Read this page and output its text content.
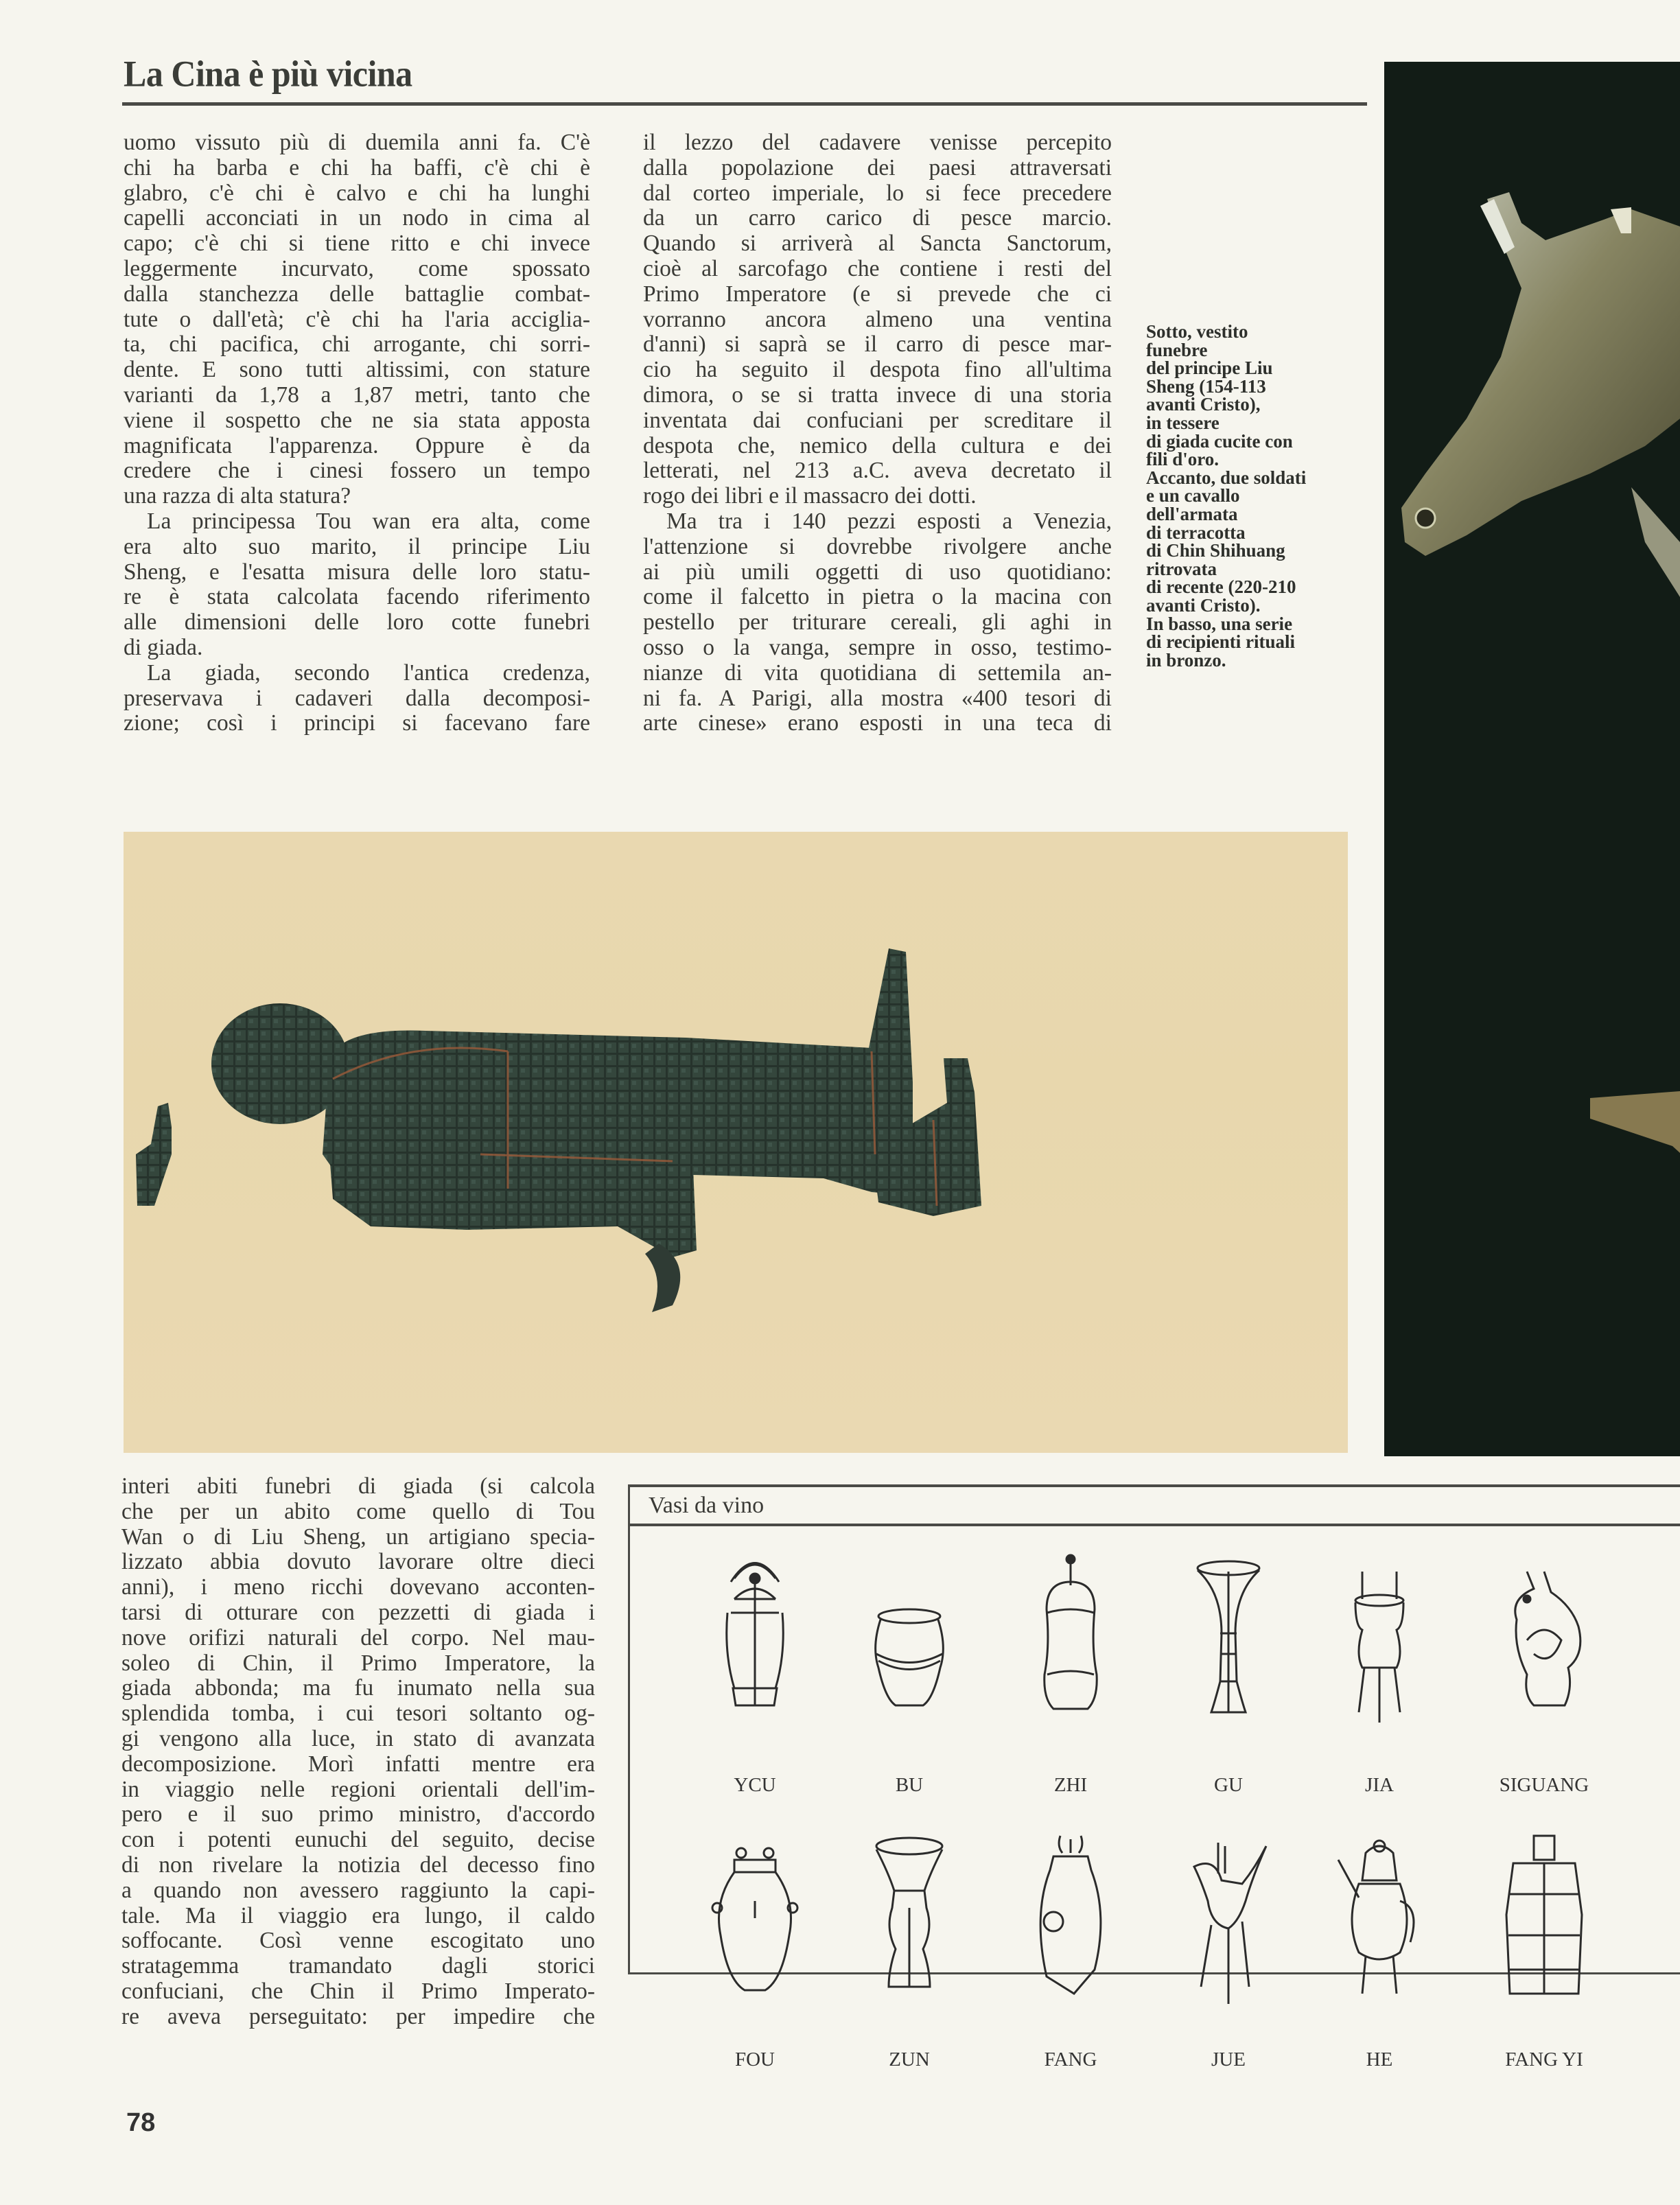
La Cina è più vicina
uomo vissuto più di duemila anni fa. C'è
chi ha barba e chi ha baffi, c'è chi è
glabro, c'è chi è calvo e chi ha lunghi
capelli acconciati in un nodo in cima al
capo; c'è chi si tiene ritto e chi invece
leggermente incurvato, come spossato
dalla stanchezza delle battaglie combat-
tute o dall'età; c'è chi ha l'aria acciglia-
ta, chi pacifica, chi arrogante, chi sorri-
dente. E sono tutti altissimi, con stature
varianti da 1,78 a 1,87 metri, tanto che
viene il sospetto che ne sia stata apposta
magnificata l'apparenza. Oppure è da
credere che i cinesi fossero un tempo
una razza di alta statura?
La principessa Tou wan era alta, come
era alto suo marito, il principe Liu
Sheng, e l'esatta misura delle loro statu-
re è stata calcolata facendo riferimento
alle dimensioni delle loro cotte funebri
di giada.
La giada, secondo l'antica credenza,
preservava i cadaveri dalla decomposi-
zione; così i principi si facevano fare
il lezzo del cadavere venisse percepito
dalla popolazione dei paesi attraversati
dal corteo imperiale, lo si fece precedere
da un carro carico di pesce marcio.
Quando si arriverà al Sancta Sanctorum,
cioè al sarcofago che contiene i resti del
Primo Imperatore (e si prevede che ci
vorranno ancora almeno una ventina
d'anni) si saprà se il carro di pesce mar-
cio ha seguito il despota fino all'ultima
dimora, o se si tratta invece di una storia
inventata dai confuciani per screditare il
despota che, nemico della cultura e dei
letterati, nel 213 a.C. aveva decretato il
rogo dei libri e il massacro dei dotti.
Ma tra i 140 pezzi esposti a Venezia,
l'attenzione si dovrebbe rivolgere anche
ai più umili oggetti di uso quotidiano:
come il falcetto in pietra o la macina con
pestello per triturare cereali, gli aghi in
osso o la vanga, sempre in osso, testimo-
nianze di vita quotidiana di settemila an-
ni fa. A Parigi, alla mostra «400 tesori di
arte cinese» erano esposti in una teca di
Sotto, vestito
funebre
del principe Liu
Sheng (154-113
avanti Cristo),
in tessere
di giada cucite con
fili d'oro.
Accanto, due soldati
e un cavallo
dell'armata
di terracotta
di Chin Shihuang
ritrovata
di recente (220-210
avanti Cristo).
In basso, una serie
di recipienti rituali
in bronzo.
interi abiti funebri di giada (si calcola
che per un abito come quello di Tou
Wan o di Liu Sheng, un artigiano specia-
lizzato abbia dovuto lavorare oltre dieci
anni), i meno ricchi dovevano acconten-
tarsi di otturare con pezzetti di giada i
nove orifizi naturali del corpo. Nel mau-
soleo di Chin, il Primo Imperatore, la
giada abbonda; ma fu inumato nella sua
splendida tomba, i cui tesori soltanto og-
gi vengono alla luce, in stato di avanzata
decomposizione. Morì infatti mentre era
in viaggio nelle regioni orientali dell'im-
pero e il suo primo ministro, d'accordo
con i potenti eunuchi del seguito, decise
di non rivelare la notizia del decesso fino
a quando non avessero raggiunto la capi-
tale. Ma il viaggio era lungo, il caldo
soffocante. Così venne escogitato uno
stratagemma tramandato dagli storici
confuciani, che Chin il Primo Imperato-
re aveva perseguitato: per impedire che
Vasi da vino
YCU	BU	ZHI	GU	JIA	SIGUANG
FOU	ZUN	FANG	JUE	HE	FANG YI
78
